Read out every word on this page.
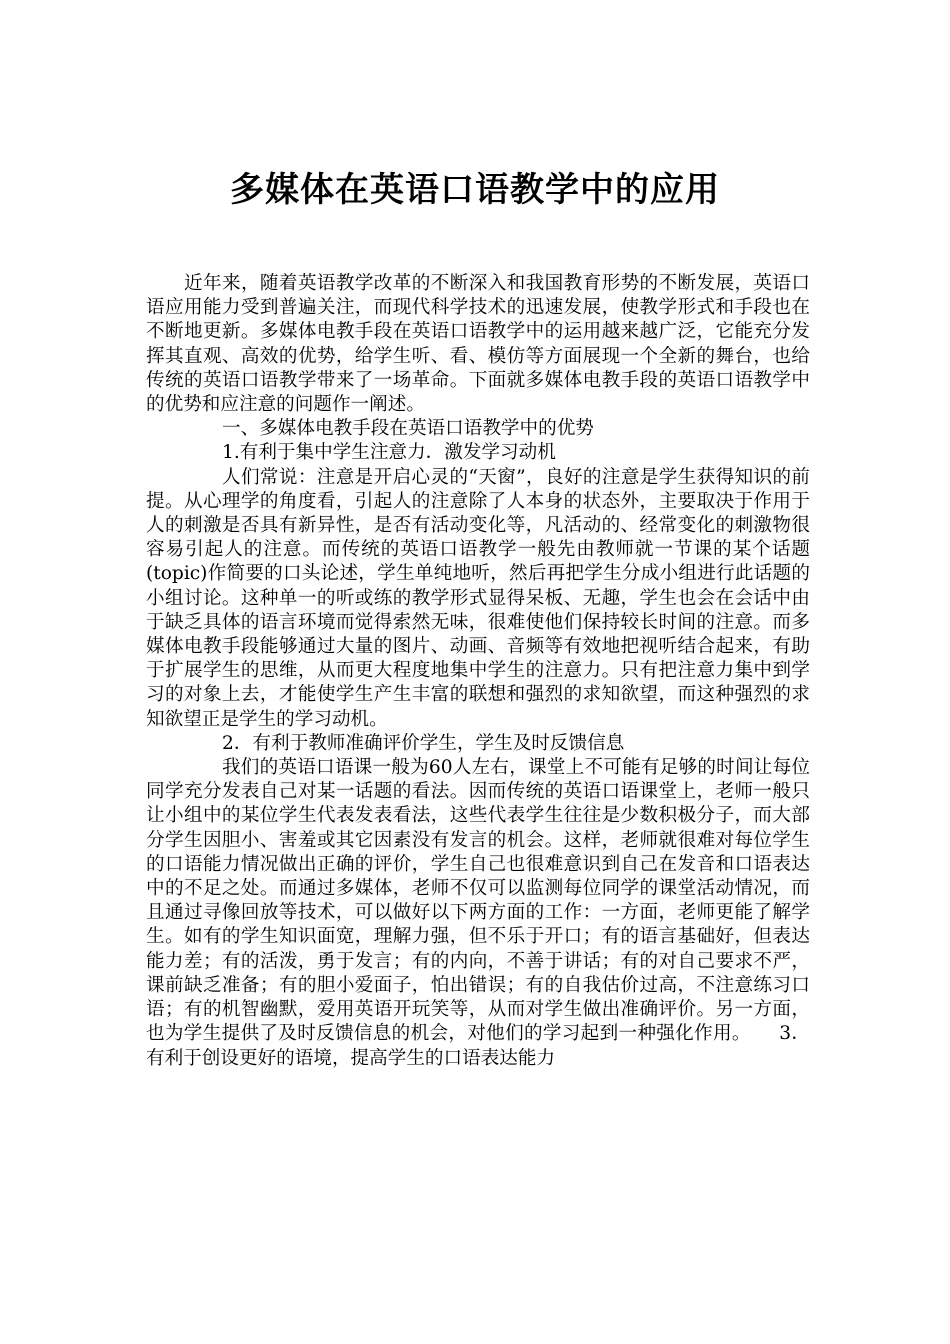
多媒体在英语口语教学中的应用

近年来，随着英语教学改革的不断深入和我国教育形势的不断发展，英语口语应用能力受到普遍关注，而现代科学技术的迅速发展，使教学形式和手段也在不断地更新。多媒体电教手段在英语口语教学中的运用越来越广泛，它能充分发挥其直观、高效的优势，给学生听、看、模仿等方面展现一个全新的舞台，也给传统的英语口语教学带来了一场革命。下面就多媒体电教手段的英语口语教学中的优势和应注意的问题作一阐述。

一、多媒体电教手段在英语口语教学中的优势

1.有利于集中学生注意力．激发学习动机

人们常说：注意是开启心灵的“天窗”，良好的注意是学生获得知识的前提。从心理学的角度看，引起人的注意除了人本身的状态外，主要取决于作用于人的刺激是否具有新异性，是否有活动变化等，凡活动的、经常变化的刺激物很容易引起人的注意。而传统的英语口语教学一般先由教师就一节课的某个话题(topic)作简要的口头论述，学生单纯地听，然后再把学生分成小组进行此话题的小组讨论。这种单一的听或练的教学形式显得呆板、无趣，学生也会在会话中由于缺乏具体的语言环境而觉得索然无味，很难使他们保持较长时间的注意。而多媒体电教手段能够通过大量的图片、动画、音频等有效地把视听结合起来，有助于扩展学生的思维，从而更大程度地集中学生的注意力。只有把注意力集中到学习的对象上去，才能使学生产生丰富的联想和强烈的求知欲望，而这种强烈的求知欲望正是学生的学习动机。

2．有利于教师准确评价学生，学生及时反馈信息

我们的英语口语课一般为60人左右，课堂上不可能有足够的时间让每位同学充分发表自己对某一话题的看法。因而传统的英语口语课堂上，老师一般只让小组中的某位学生代表发表看法，这些代表学生往往是少数积极分子，而大部分学生因胆小、害羞或其它因素没有发言的机会。这样，老师就很难对每位学生的口语能力情况做出正确的评价，学生自己也很难意识到自己在发音和口语表达中的不足之处。而通过多媒体，老师不仅可以监测每位同学的课堂活动情况，而且通过寻像回放等技术，可以做好以下两方面的工作：一方面，老师更能了解学生。如有的学生知识面宽，理解力强，但不乐于开口；有的语言基础好，但表达能力差；有的活泼，勇于发言；有的内向，不善于讲话；有的对自己要求不严，课前缺乏准备；有的胆小爱面子，怕出错误；有的自我估价过高，不注意练习口语；有的机智幽默，爱用英语开玩笑等，从而对学生做出准确评价。另一方面，也为学生提供了及时反馈信息的机会，对他们的学习起到一种强化作用。　　3．有利于创设更好的语境，提高学生的口语表达能力
